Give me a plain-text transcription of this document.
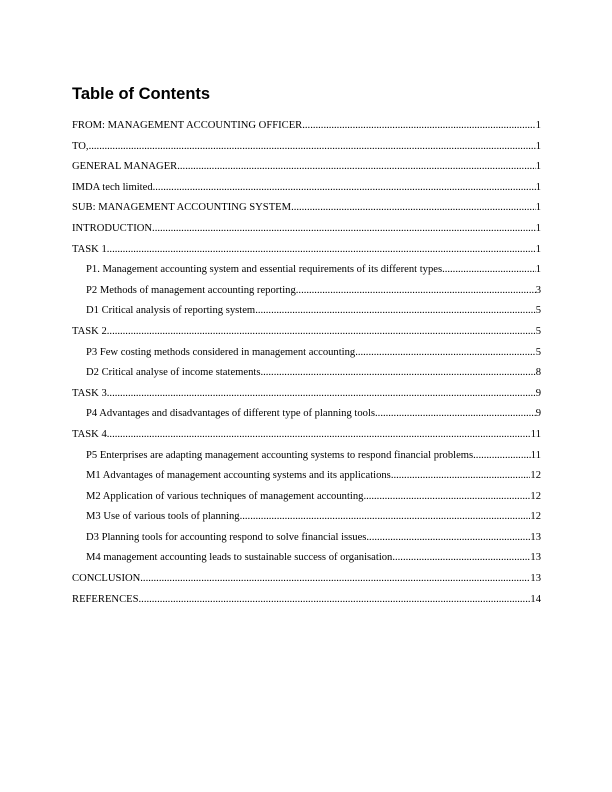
Table of Contents
FROM: MANAGEMENT ACCOUNTING OFFICER .....	1
TO, .....	1
GENERAL MANAGER .....	1
IMDA tech limited .....	1
SUB: MANAGEMENT ACCOUNTING SYSTEM .....	1
INTRODUCTION .....	1
TASK 1 .....	1
P1. Management accounting system and essential requirements of its different types .....	1
P2 Methods of management accounting reporting .....	3
D1 Critical analysis of reporting system .....	5
TASK 2 .....	5
P3 Few costing methods considered in management accounting .....	5
D2 Critical analyse of income statements .....	8
TASK 3 .....	9
P4 Advantages and disadvantages of different type of planning tools .....	9
TASK 4 .....	11
P5 Enterprises are adapting management accounting systems to respond financial problems .....	11
M1 Advantages of management accounting systems and its applications .....	12
M2 Application of various techniques of management accounting .....	12
M3 Use of various tools of planning .....	12
D3 Planning tools for accounting respond to solve financial issues .....	13
M4 management accounting leads to sustainable success of organisation .....	13
CONCLUSION .....	13
REFERENCES .....	14
